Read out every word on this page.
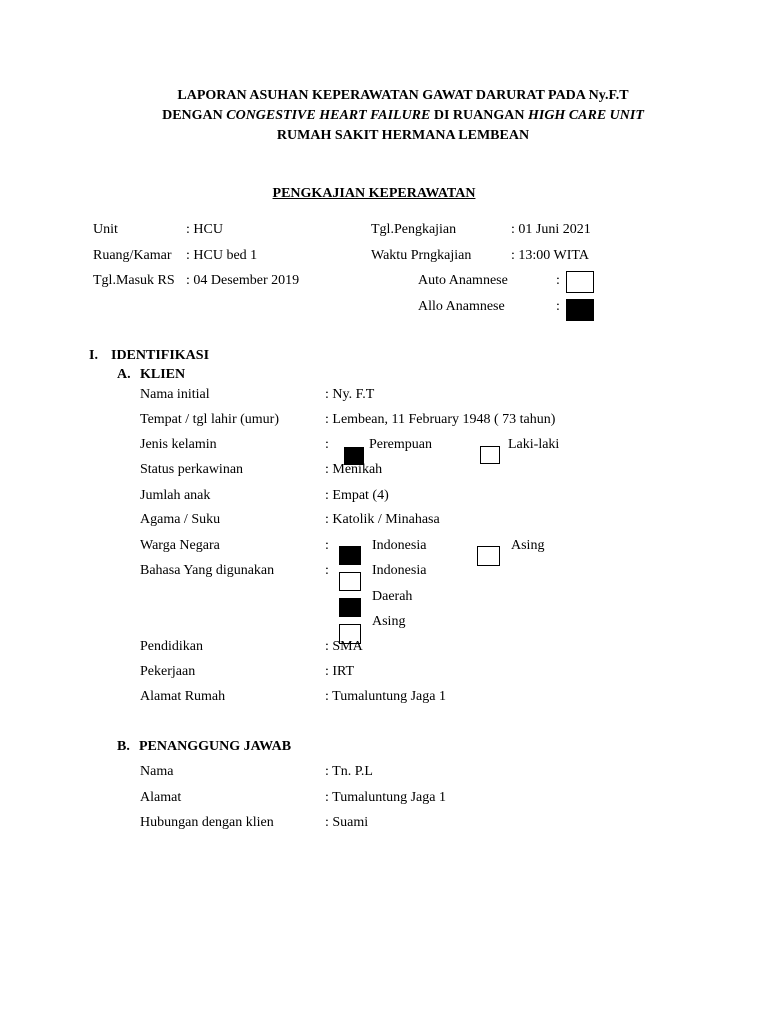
LAPORAN ASUHAN KEPERAWATAN GAWAT DARURAT PADA Ny.F.T
DENGAN CONGESTIVE HEART FAILURE DI RUANGAN HIGH CARE UNIT
RUMAH SAKIT HERMANA LEMBEAN
PENGKAJIAN KEPERAWATAN
Unit	: HCU
Ruang/Kamar : HCU bed 1
Tgl.Masuk RS : 04 Desember 2019
Tgl.Pengkajian	: 01 Juni 2021
Waktu Prngkajian	: 13:00 WITA
Auto Anamnese	:
Allo Anamnese	:
I. IDENTIFIKASI
A. KLIEN
Nama initial	: Ny. F.T
Tempat / tgl lahir (umur)	: Lembean, 11 February 1948 ( 73 tahun)
Jenis kelamin	:	Perempuan	Laki-laki
Status perkawinan	: Menikah
Jumlah anak	: Empat (4)
Agama / Suku	: Katolik / Minahasa
Warga Negara	:	Indonesia	Asing
Bahasa Yang digunakan	:	Indonesia
Daerah
Asing
Pendidikan	: SMA
Pekerjaan	: IRT
Alamat Rumah	: Tumaluntung Jaga 1
B. PENANGGUNG JAWAB
Nama	: Tn. P.L
Alamat	: Tumaluntung Jaga 1
Hubungan dengan klien	: Suami
